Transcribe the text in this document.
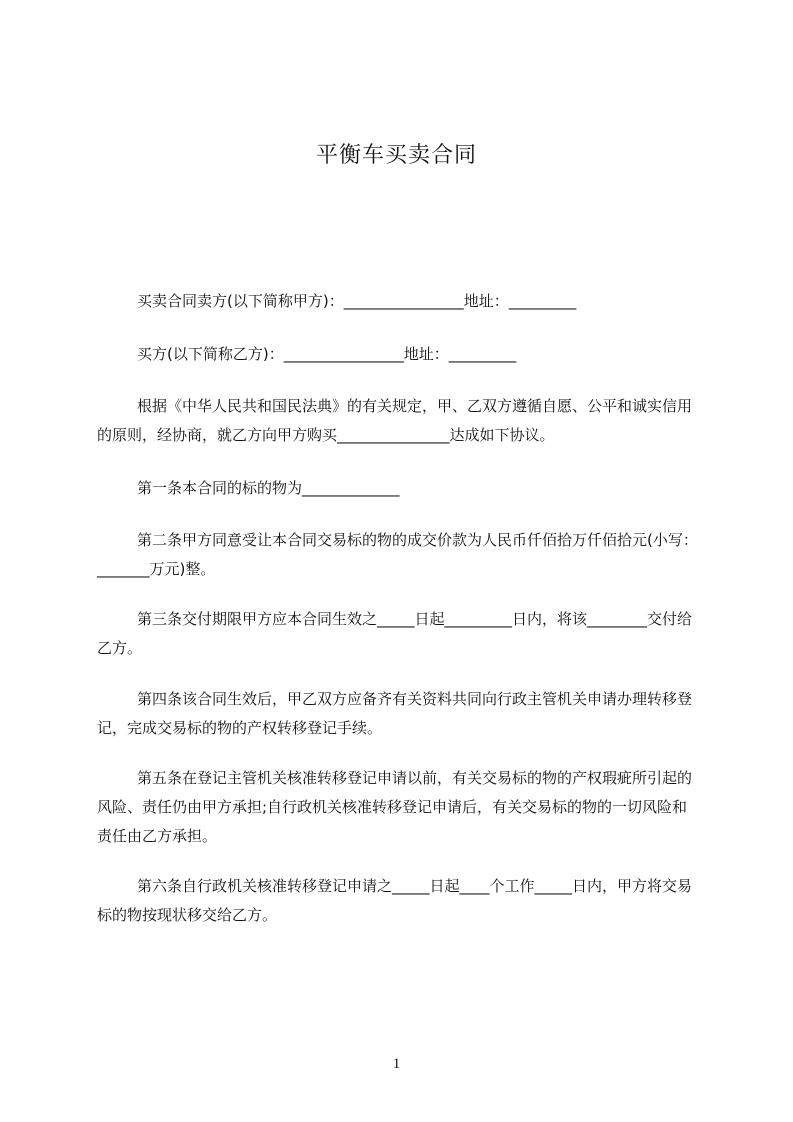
平衡车买卖合同

买卖合同卖方(以下简称甲方)：________________地址：_________

买方(以下简称乙方)：________________地址：_________

根据《中华人民共和国民法典》的有关规定，甲、乙双方遵循自愿、公平和诚实信用的原则，经协商，就乙方向甲方购买_______________达成如下协议。

第一条本合同的标的物为_____________

第二条甲方同意受让本合同交易标的物的成交价款为人民币仟佰拾万仟佰拾元(小写：_______万元)整。

第三条交付期限甲方应本合同生效之_____日起_________日内，将该________交付给乙方。

第四条该合同生效后，甲乙双方应备齐有关资料共同向行政主管机关申请办理转移登记，完成交易标的物的产权转移登记手续。

第五条在登记主管机关核准转移登记申请以前，有关交易标的物的产权瑕疵所引起的风险、责任仍由甲方承担;自行政机关核准转移登记申请后，有关交易标的物的一切风险和责任由乙方承担。

第六条自行政机关核准转移登记申请之_____日起____个工作_____日内，甲方将交易标的物按现状移交给乙方。

1
